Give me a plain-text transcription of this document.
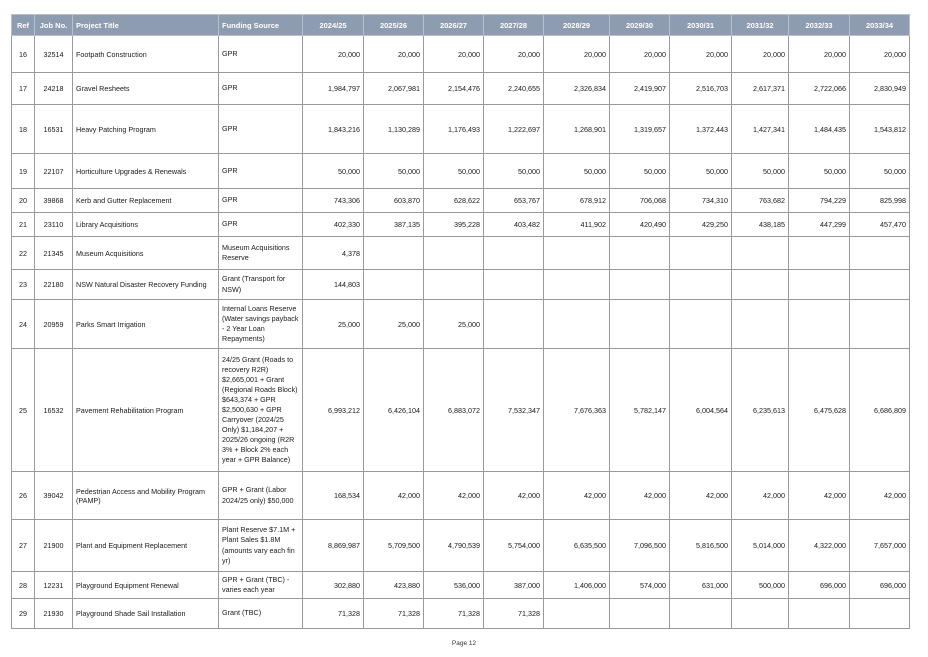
Ref	Job No.	Project Title	Funding Source	2024/25	2025/26	2026/27	2027/28	2028/29	2029/30	2030/31	2031/32	2032/33	2033/34
16	32514	Footpath Construction	GPR	20,000	20,000	20,000	20,000	20,000	20,000	20,000	20,000	20,000	20,000
17	24218	Gravel Resheets	GPR	1,984,797	2,067,981	2,154,476	2,240,655	2,326,834	2,419,907	2,516,703	2,617,371	2,722,066	2,830,949
18	16531	Heavy Patching Program	GPR	1,843,216	1,130,289	1,176,493	1,222,697	1,268,901	1,319,657	1,372,443	1,427,341	1,484,435	1,543,812
19	22107	Horticulture Upgrades & Renewals	GPR	50,000	50,000	50,000	50,000	50,000	50,000	50,000	50,000	50,000	50,000
20	39868	Kerb and Gutter Replacement	GPR	743,306	603,870	628,622	653,767	678,912	706,068	734,310	763,682	794,229	825,998
21	23110	Library Acquisitions	GPR	402,330	387,135	395,228	403,482	411,902	420,490	429,250	438,185	447,299	457,470
22	21345	Museum Acquisitions	Museum Acquisitions Reserve	4,378									
23	22180	NSW Natural Disaster Recovery Funding	Grant (Transport for NSW)	144,803									
24	20959	Parks Smart Irrigation	Internal Loans Reserve (Water savings payback - 2 Year Loan Repayments)	25,000	25,000	25,000							
25	16532	Pavement Rehabilitation Program	24/25 Grant (Roads to recovery R2R) $2,665,001 + Grant (Regional Roads Block) $643,374 + GPR $2,500,630 + GPR Carryover (2024/25 Only) $1,184,207 + 2025/26 ongoing (R2R 3% + Block 2% each year + GPR Balance)	6,993,212	6,426,104	6,883,072	7,532,347	7,676,363	5,782,147	6,004,564	6,235,613	6,475,628	6,686,809
26	39042	Pedestrian Access and Mobility Program (PAMP)	GPR + Grant (Labor 2024/25 only) $50,000	168,534	42,000	42,000	42,000	42,000	42,000	42,000	42,000	42,000	42,000
27	21900	Plant and Equipment Replacement	Plant Reserve $7.1M + Plant Sales $1.8M (amounts vary each fin yr)	8,869,987	5,709,500	4,790,539	5,754,000	6,635,500	7,096,500	5,816,500	5,014,000	4,322,000	7,657,000
28	12231	Playground Equipment Renewal	GPR + Grant (TBC) - varies each year	302,880	423,880	536,000	387,000	1,406,000	574,000	631,000	500,000	696,000	696,000
29	21930	Playground Shade Sail Installation	Grant (TBC)	71,328	71,328	71,328	71,328						
Page 12
